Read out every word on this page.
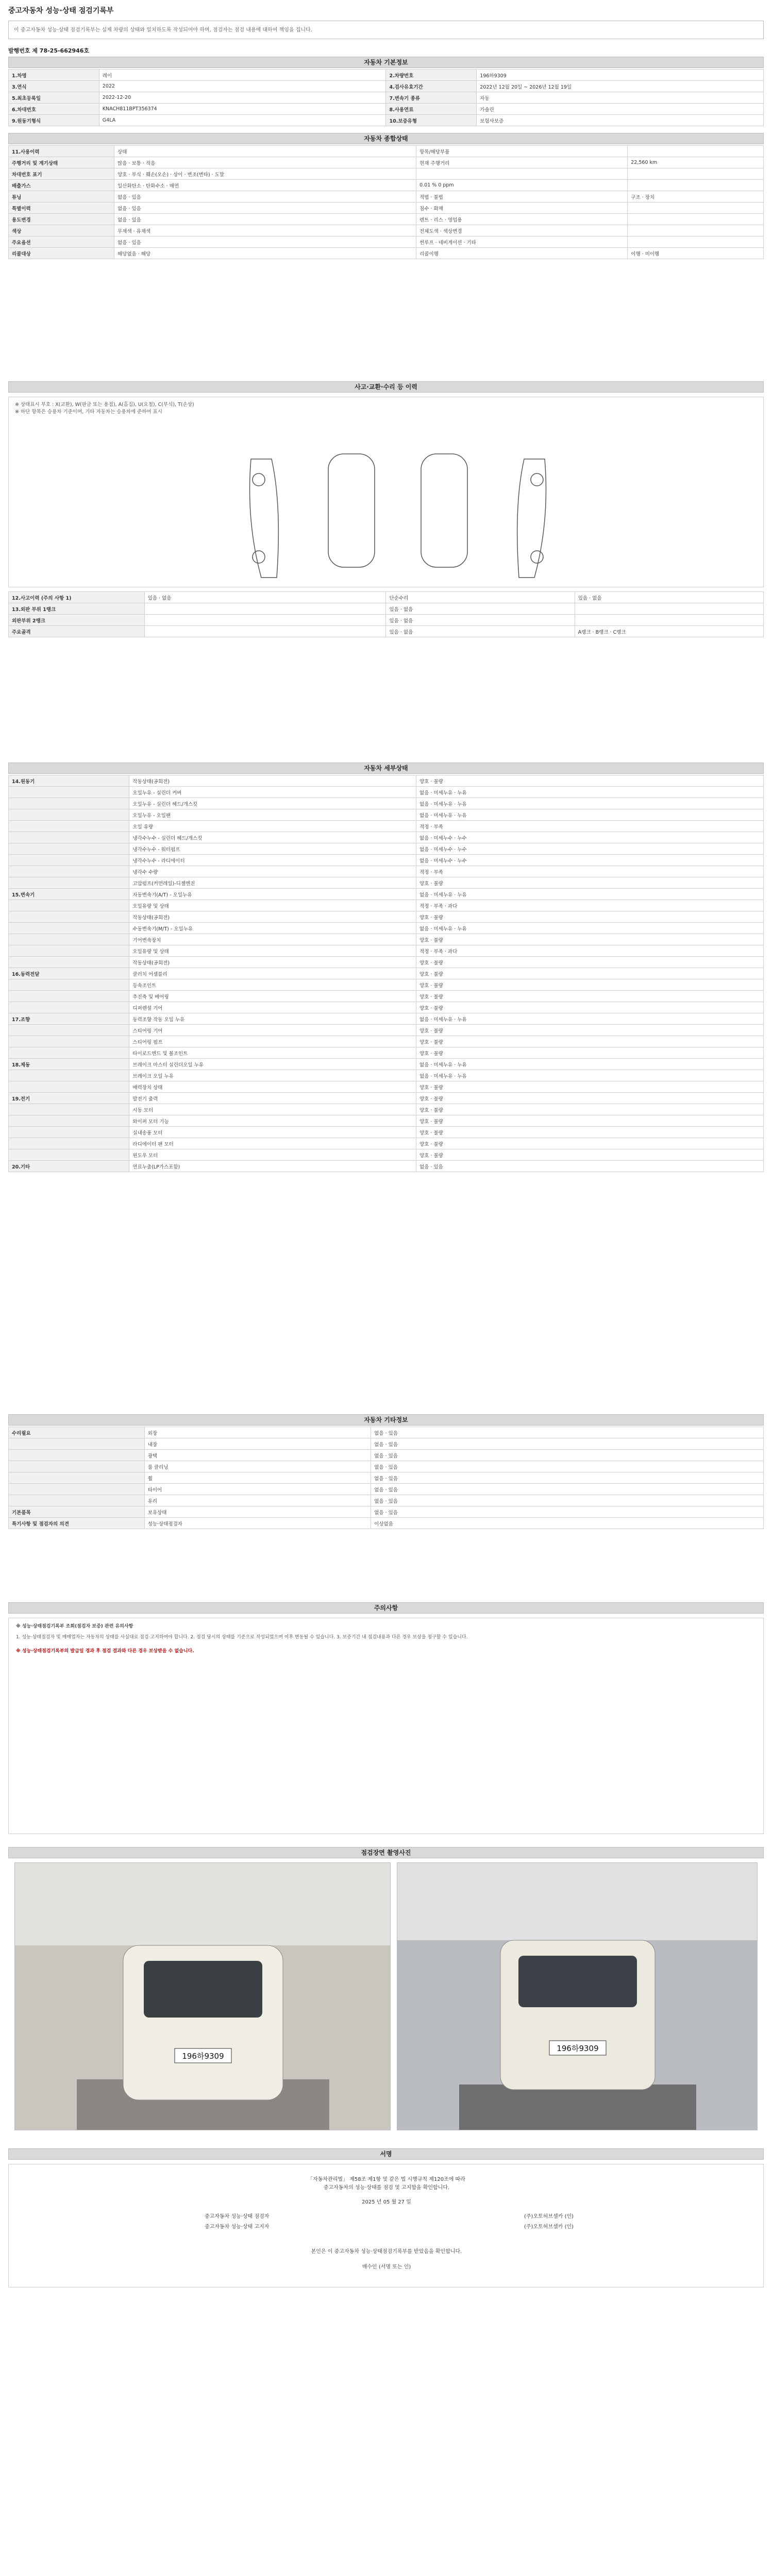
중고자동차 성능·상태 점검기록부
이 중고자동차 성능·상태 점검기록부는 실제 차량의 상태와 일치하도록 작성되어야 하며, 점검자는 점검 내용에 대하여 책임을 집니다.
발행번호 제 78-25-662946호
자동차 기본정보
1.차명	레이	2.차량번호	196하9309
3.연식	2022	4.검사유효기간	2022년 12월 20일 ~ 2026년 12월 19일
5.최초등록일	2022-12-20	7.변속기 종류	자동
6.차대번호	KNACH811BPT356374	8.사용연료	가솔린
9.원동기형식	G4LA	10.보증유형	보험사보증
자동차 종합상태
11.사용이력	상태	항목/해당부품	
주행거리 및 계기상태	많음 · 보통 · 적음	현재 주행거리	22,560 km
차대번호 표기	양호 · 부식 · 훼손(오손) · 상이 · 변조(변타) · 도말		
배출가스	일산화탄소 · 탄화수소 · 매연	0.01 % 0 ppm	
튜닝	없음 · 있음	적법 · 불법	구조 · 장치
특별이력	없음 · 있음	침수 · 화재	
용도변경	없음 · 있음	렌트 · 리스 · 영업용	
색상	무채색 · 유채색	전체도색 · 색상변경	
주요옵션	없음 · 있음	썬루프 · 네비게이션 · 기타	
리콜대상	해당없음 · 해당	리콜이행	이행 · 미이행
사고·교환·수리 등 이력
※ 상태표시 부호 : X(교환), W(판금 또는 용접), A(흠집), U(요철), C(부식), T(손상)
※ 하단 항목은 승용차 기준이며, 기타 자동차는 승용차에 준하여 표시
12.사고이력 (주의 사항 1)	있음 · 없음	단순수리	있음 · 없음
13.외판 부위 1랭크		있음 · 없음	
외판부위 2랭크		있음 · 없음	
주요골격		있음 · 없음	A랭크 · B랭크 · C랭크
자동차 세부상태
14.원동기	작동상태(공회전)	양호 · 불량
	오일누유 - 실린더 커버	없음 · 미세누유 · 누유
	오일누유 - 실린더 헤드/개스킷	없음 · 미세누유 · 누유
	오일누유 - 오일팬	없음 · 미세누유 · 누유
	오일 유량	적정 · 부족
	냉각수누수 - 실린더 헤드/개스킷	없음 · 미세누수 · 누수
	냉각수누수 - 워터펌프	없음 · 미세누수 · 누수
	냉각수누수 - 라디에이터	없음 · 미세누수 · 누수
	냉각수 수량	적정 · 부족
	고압펌프(커먼레일)-디젤엔진	양호 · 불량
15.변속기	자동변속기(A/T) - 오일누유	없음 · 미세누유 · 누유
	오일유량 및 상태	적정 · 부족 · 과다
	작동상태(공회전)	양호 · 불량
	수동변속기(M/T) - 오일누유	없음 · 미세누유 · 누유
	기어변속장치	양호 · 불량
	오일유량 및 상태	적정 · 부족 · 과다
	작동상태(공회전)	양호 · 불량
16.동력전달	클러치 어셈블리	양호 · 불량
	등속조인트	양호 · 불량
	추진축 및 베어링	양호 · 불량
	디퍼렌셜 기어	양호 · 불량
17.조향	동력조향 작동 오일 누유	없음 · 미세누유 · 누유
	스티어링 기어	양호 · 불량
	스티어링 펌프	양호 · 불량
	타이로드엔드 및 볼조인트	양호 · 불량
18.제동	브레이크 마스터 실린더오일 누유	없음 · 미세누유 · 누유
	브레이크 오일 누유	없음 · 미세누유 · 누유
	배력장치 상태	양호 · 불량
19.전기	발전기 출력	양호 · 불량
	시동 모터	양호 · 불량
	와이퍼 모터 기능	양호 · 불량
	실내송풍 모터	양호 · 불량
	라디에이터 팬 모터	양호 · 불량
	윈도우 모터	양호 · 불량
20.기타	연료누출(LP가스포함)	없음 · 있음
자동차 기타정보
수리필요	외장	없음 · 있음
	내장	없음 · 있음
	광택	없음 · 있음
	룸 클리닝	없음 · 있음
	휠	없음 · 있음
	타이어	없음 · 있음
	유리	없음 · 있음
기본품목	보유상태	없음 · 있음
특기사항 및 점검자의 의견	성능·상태점검자	이상없음
주의사항
※ 성능·상태점검기록부 조회(점검자 보증) 관련 유의사항
1. 성능·상태점검자 및 매매업자는 자동차의 상태를 사실대로 점검·고지하여야 합니다. 2. 점검 당시의 상태를 기준으로 작성되었으며 이후 변동될 수 있습니다. 3. 보증기간 내 점검내용과 다른 경우 보상을 청구할 수 있습니다.
※ 성능·상태점검기록부의 발급일 경과 후 점검 결과와 다른 경우 보상받을 수 없습니다.
점검장면 촬영사진
196하9309
196하9309
서명
「자동차관리법」 제58조 제1항 및 같은 법 시행규칙 제120조에 따라
중고자동차의 성능·상태를 점검 및 고지함을 확인합니다.
2025 년 05 월 27 일
중고자동차 성능·상태 점검자	(주)오토허브셀카 (인)
중고자동차 성능·상태 고지자	(주)오토허브셀카 (인)
본인은 이 중고자동차 성능·상태점검기록부를 받았음을 확인합니다.
매수인 (서명 또는 인)
